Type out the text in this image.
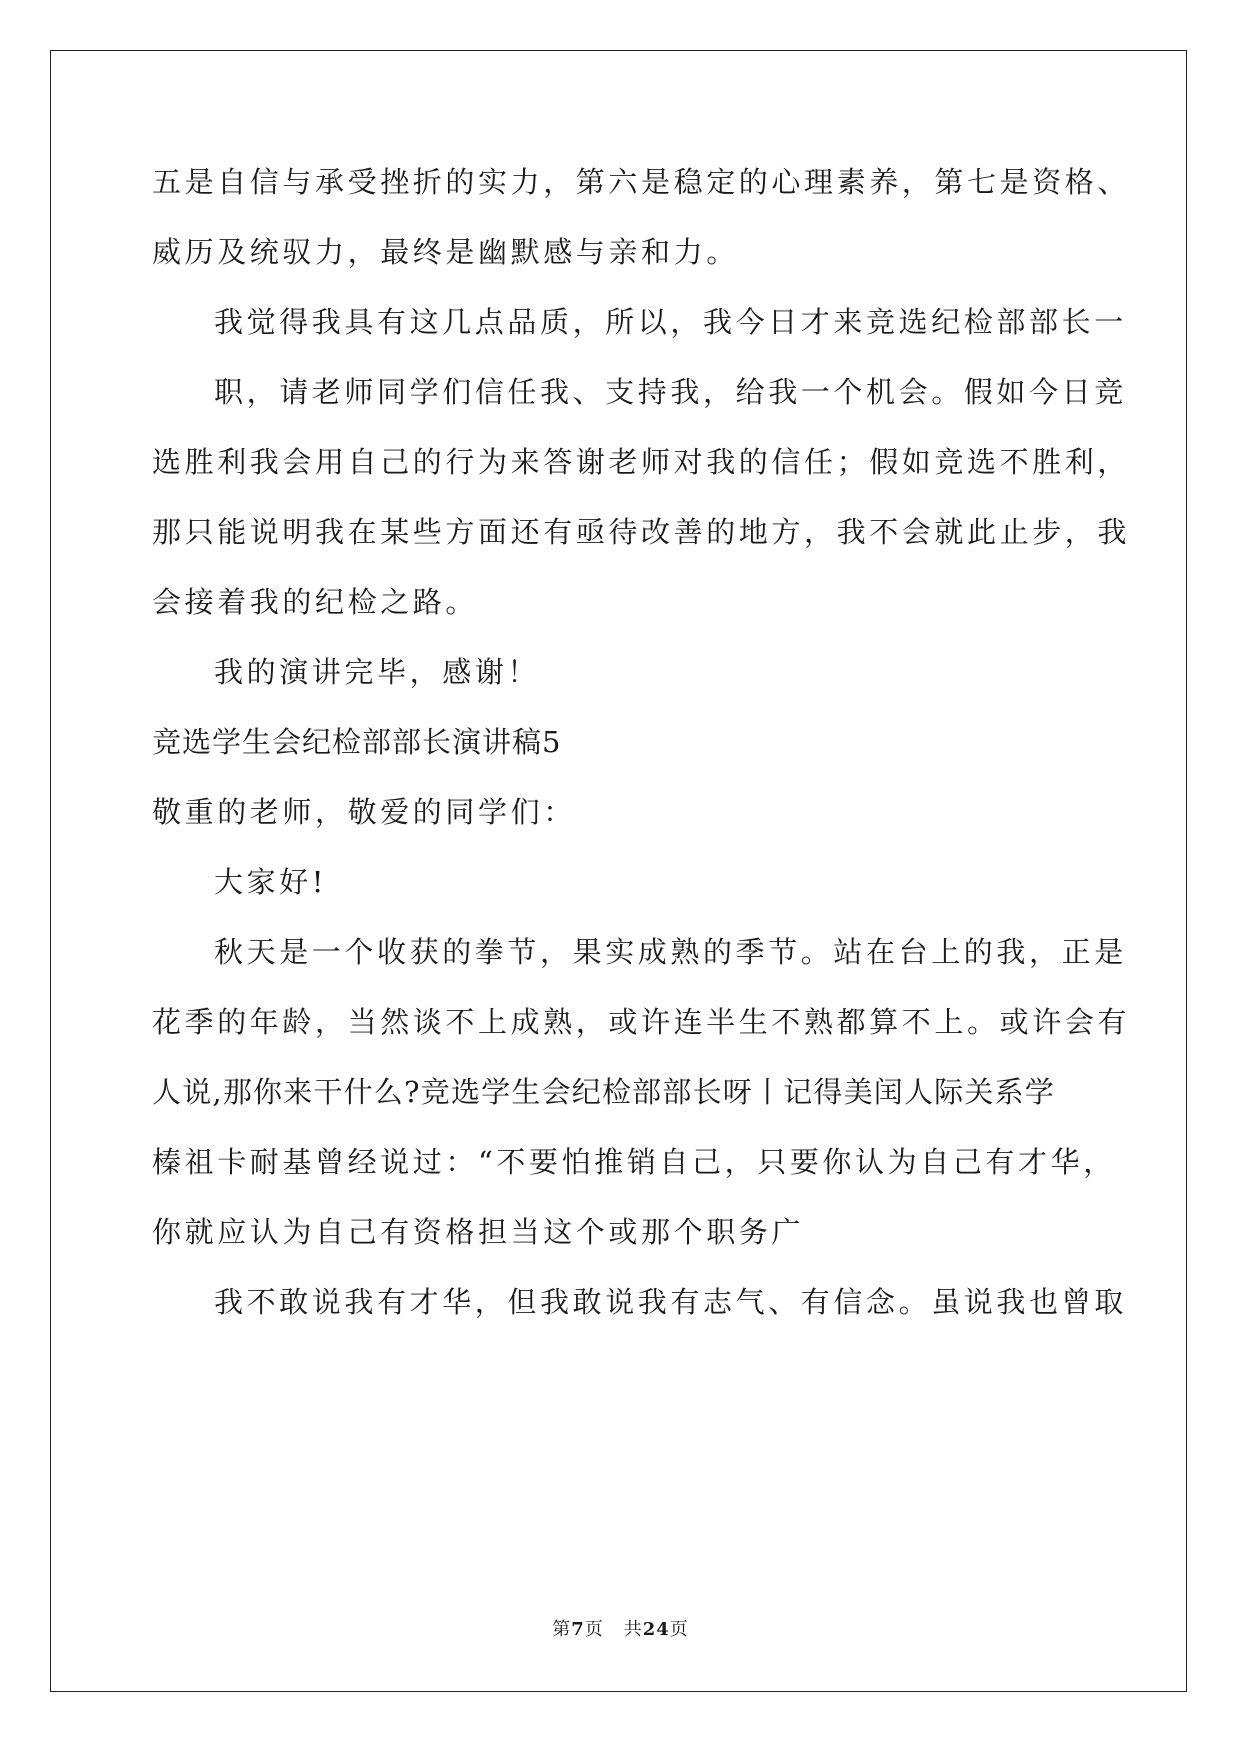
五是自信与承受挫折的实力，第六是稳定的心理素养，第七是资格、
威历及统驭力，最终是幽默感与亲和力。
我觉得我具有这几点品质，所以，我今日才来竞选纪检部部长一
职，请老师同学们信任我、支持我，给我一个机会。假如今日竞
选胜利我会用自己的行为来答谢老师对我的信任；假如竞选不胜利，
那只能说明我在某些方面还有亟待改善的地方，我不会就此止步，我
会接着我的纪检之路。
我的演讲完毕，感谢！
竞选学生会纪检部部长演讲稿5
敬重的老师，敬爱的同学们：
大家好!
秋天是一个收获的拳节，果实成熟的季节。站在台上的我，正是
花季的年龄，当然谈不上成熟，或许连半生不熟都算不上。或许会有
人说,那你来干什么?竞选学生会纪检部部长呀丨记得美闰人际关系学
榛祖卡耐基曾经说过：“不要怕推销自己，只要你认为自己有才华，
你就应认为自己有资格担当这个或那个职务广
我不敢说我有才华，但我敢说我有志气、有信念。虽说我也曾取
第7页 共24页
